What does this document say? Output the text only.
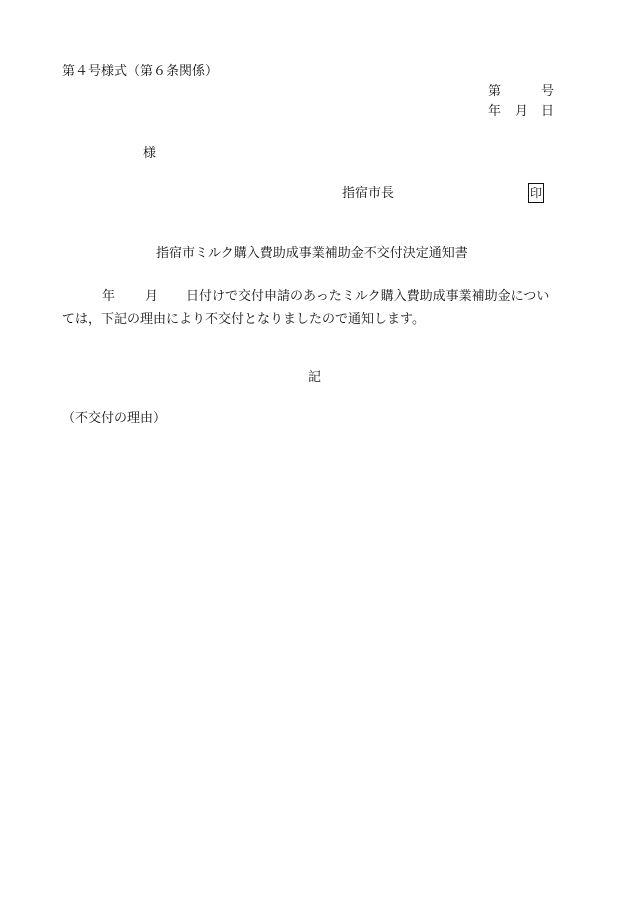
第４号様式（第６条関係）
第	号
年 月 日
様
指宿市長	印
指宿市ミルク購入費助成事業補助金不交付決定通知書
年 月 日付けで交付申請のあったミルク購入費助成事業補助金につい
ては，下記の理由により不交付となりましたので通知します。
記
（不交付の理由）
